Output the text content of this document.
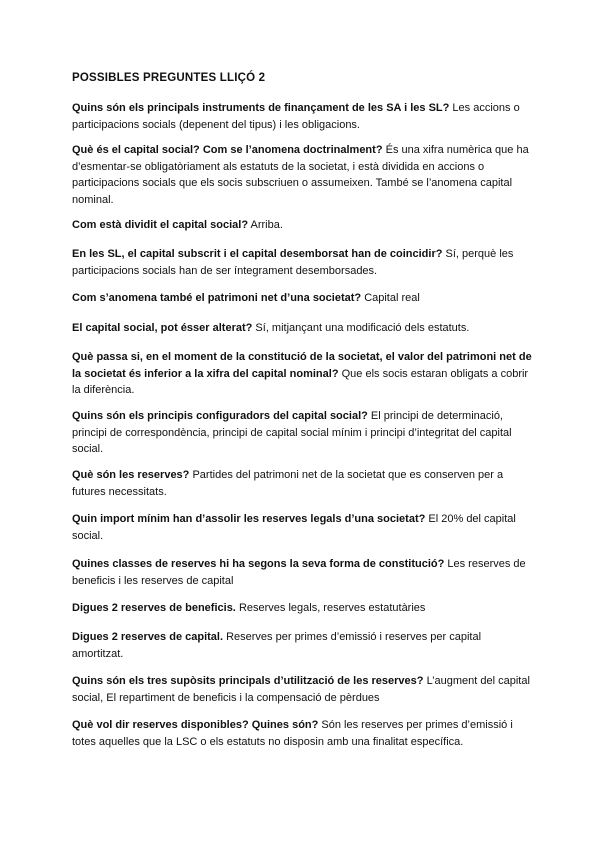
POSSIBLES PREGUNTES LLIÇÓ 2

Quins són els principals instruments de finançament de les SA i les SL? Les accions o participacions socials (depenent del tipus) i les obligacions.

Què és el capital social? Com se l’anomena doctrinalment? És una xifra numèrica que ha d’esmentar-se obligatòriament als estatuts de la societat, i està dividida en accions o participacions socials que els socis subscriuen o assumeixen. També se l’anomena capital nominal.

Com està dividit el capital social? Arriba.

En les SL, el capital subscrit i el capital desemborsat han de coincidir? Sí, perquè les participacions socials han de ser íntegrament desemborsades.

Com s’anomena també el patrimoni net d’una societat? Capital real

El capital social, pot ésser alterat? Sí, mitjançant una modificació dels estatuts.

Què passa si, en el moment de la constitució de la societat, el valor del patrimoni net de la societat és inferior a la xifra del capital nominal? Que els socis estaran obligats a cobrir la diferència.

Quins són els principis configuradors del capital social? El principi de determinació, principi de correspondència, principi de capital social mínim i principi d’integritat del capital social.

Què són les reserves? Partides del patrimoni net de la societat que es conserven per a futures necessitats.

Quin import mínim han d’assolir les reserves legals d’una societat? El 20% del capital social.

Quines classes de reserves hi ha segons la seva forma de constitució? Les reserves de beneficis i les reserves de capital

Digues 2 reserves de beneficis. Reserves legals, reserves estatutàries

Digues 2 reserves de capital. Reserves per primes d’emissió i reserves per capital amortitzat.

Quins són els tres supòsits principals d’utilització de les reserves? L’augment del capital social, El repartiment de beneficis i la compensació de pèrdues

Què vol dir reserves disponibles? Quines són? Són les reserves per primes d’emissió i totes aquelles que la LSC o els estatuts no disposin amb una finalitat específica.
